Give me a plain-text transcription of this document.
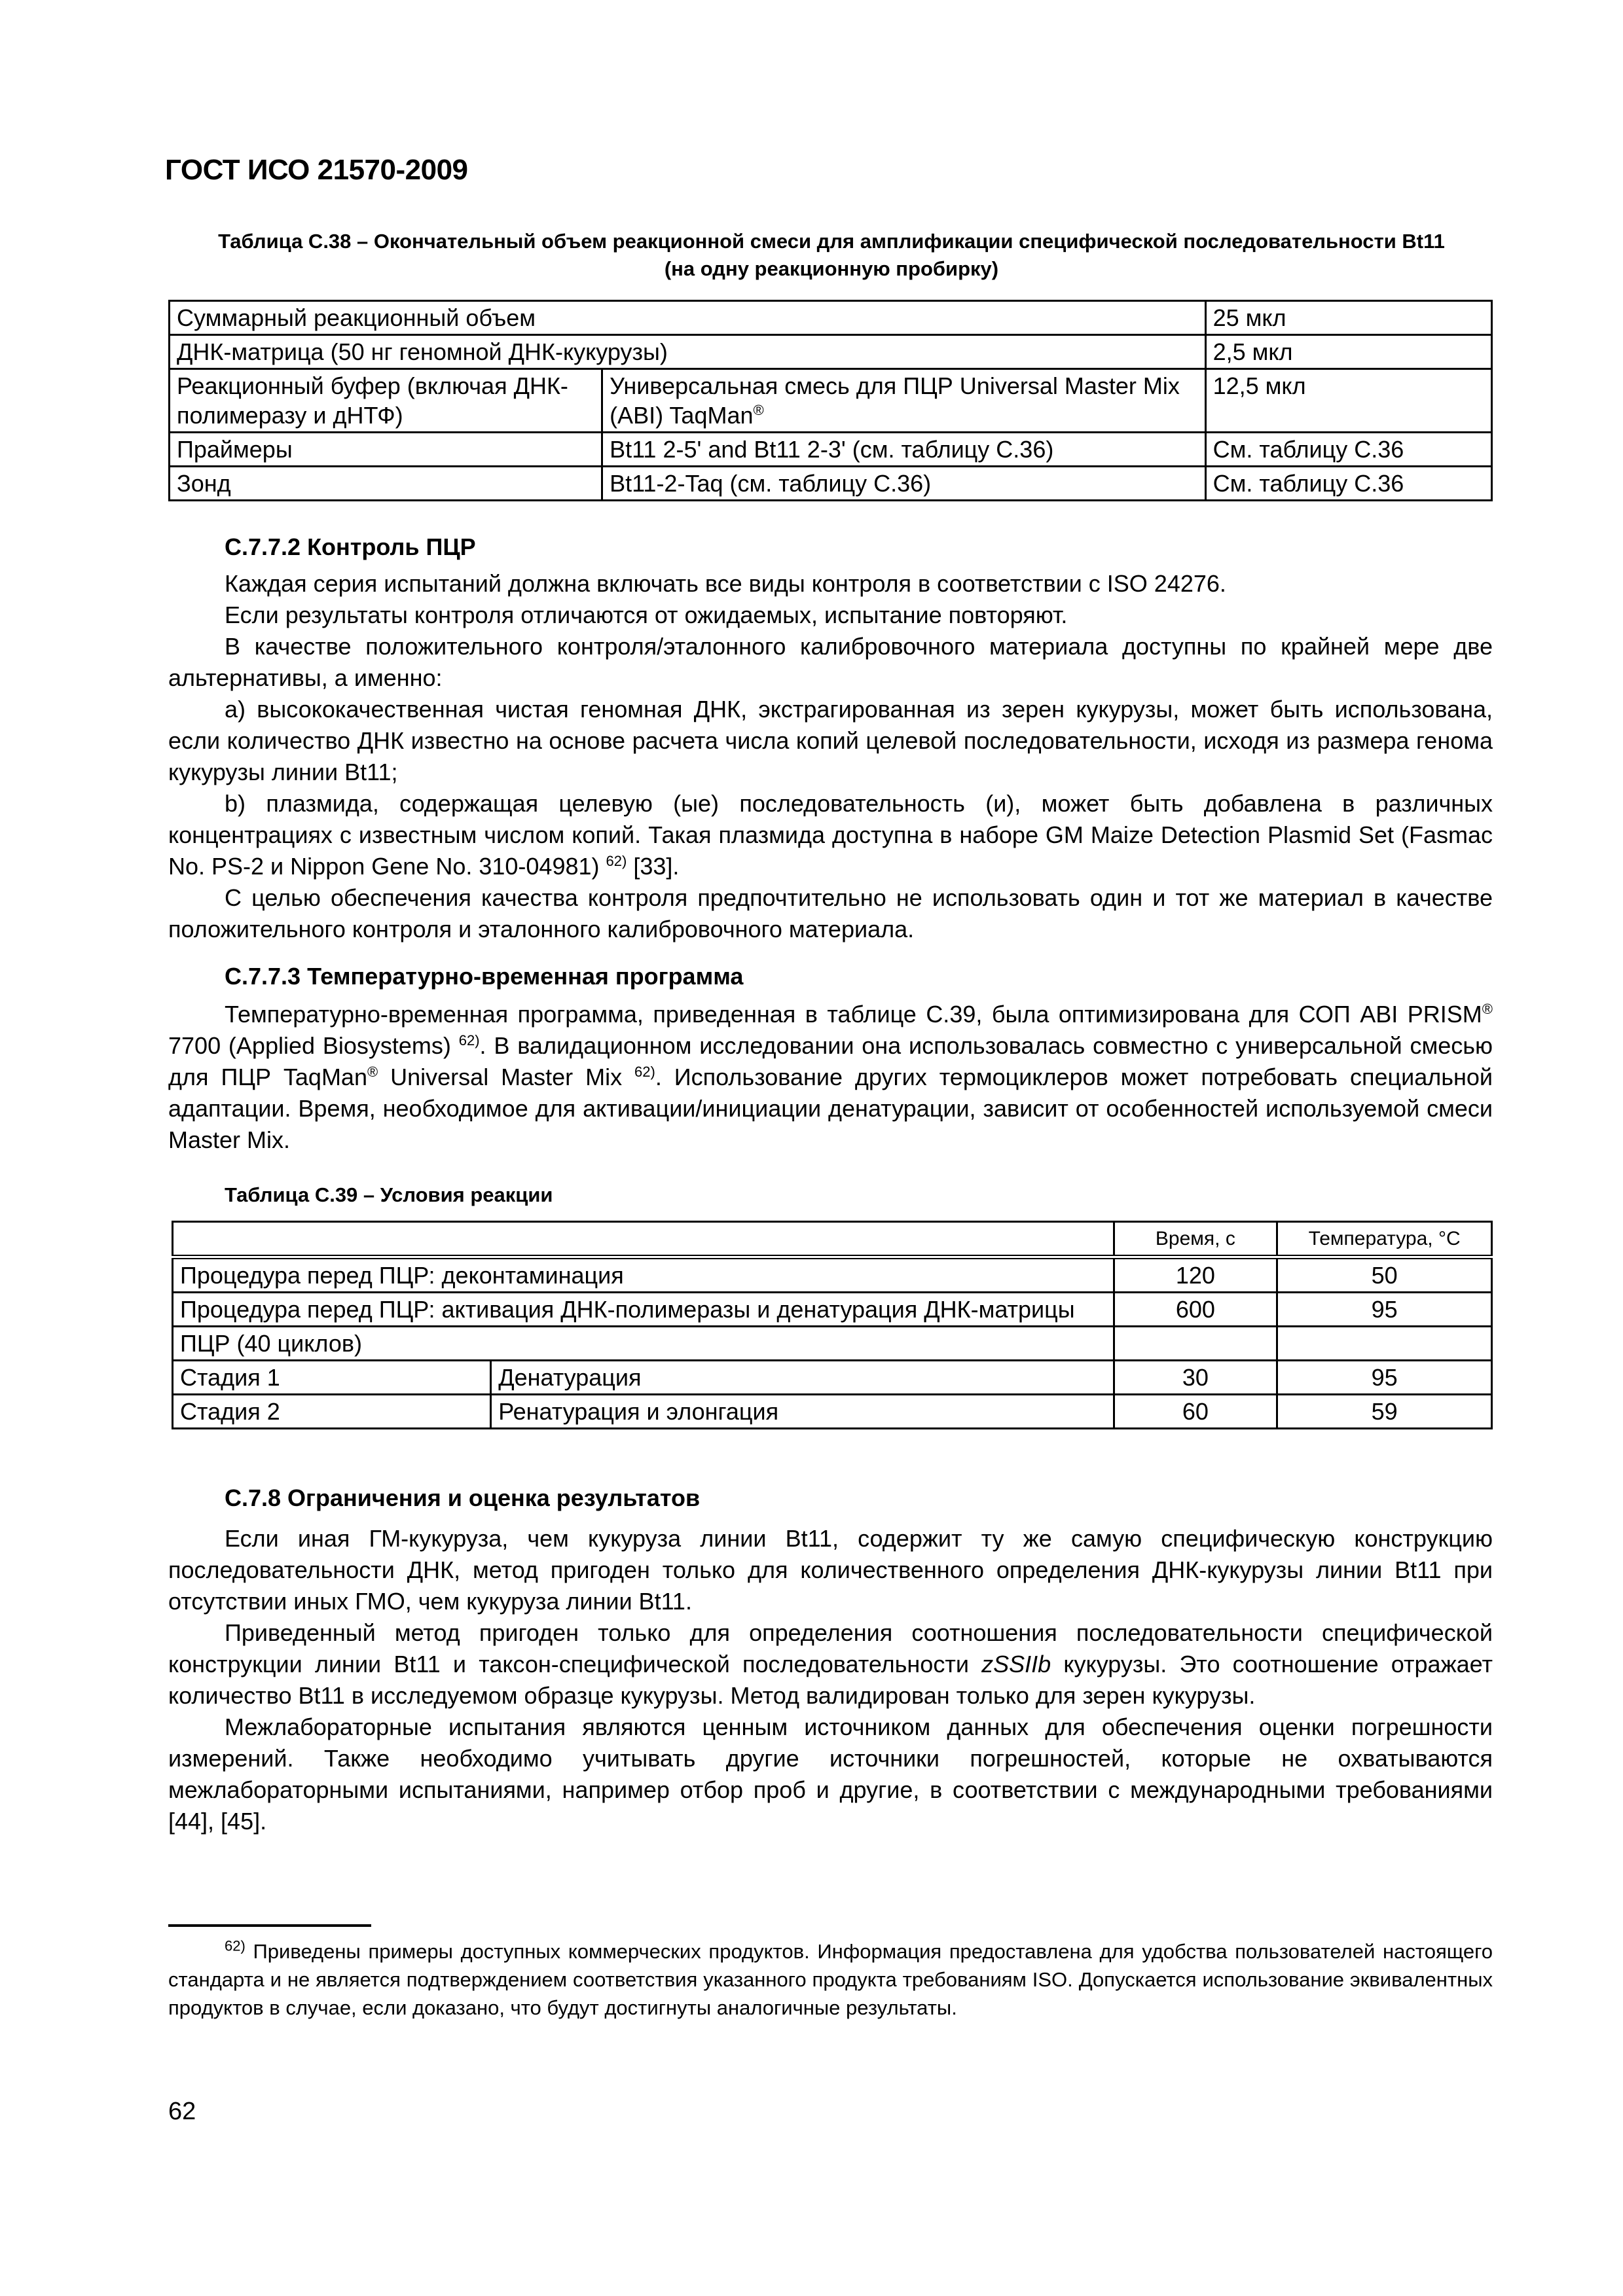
ГОСТ ИСО 21570-2009
Таблица С.38 – Окончательный объем реакционной смеси для амплификации специфической последовательности Bt11 (на одну реакционную пробирку)
Суммарный реакционный объем		25 мкл
ДНК-матрица (50 нг геномной ДНК-кукурузы)		2,5 мкл
Реакционный буфер (включая ДНК-полимеразу и дНТФ)	Универсальная смесь для ПЦР Universal Master Mix (ABI) TaqMan®	12,5 мкл
Праймеры	Bt11 2-5' and Bt11 2-3' (см. таблицу С.36)	См. таблицу С.36
Зонд	Bt11-2-Taq (см. таблицу С.36)	См. таблицу С.36

С.7.7.2 Контроль ПЦР

Каждая серия испытаний должна включать все виды контроля в соответствии с ISO 24276.

Если результаты контроля отличаются от ожидаемых, испытание повторяют.

В качестве положительного контроля/эталонного калибровочного материала доступны по крайней мере две альтернативы, а именно:

a) высококачественная чистая геномная ДНК, экстрагированная из зерен кукурузы, может быть использована, если количество ДНК известно на основе расчета числа копий целевой последовательности, исходя из размера генома кукурузы линии Bt11;

b) плазмида, содержащая целевую (ые) последовательность (и), может быть добавлена в различных концентрациях с известным числом копий. Такая плазмида доступна в наборе GM Maize Detection Plasmid Set (Fasmac No. PS-2 и Nippon Gene No. 310-04981) $^{62)}$ [33].

С целью обеспечения качества контроля предпочтительно не использовать один и тот же материал в качестве положительного контроля и эталонного калибровочного материала.

С.7.7.3 Температурно-временная программа

Температурно-временная программа, приведенная в таблице С.39, была оптимизирована для СОП ABI PRISM® 7700 (Applied Biosystems) $^{62)}$. В валидационном исследовании она использовалась совместно с универсальной смесью для ПЦР TaqMan® Universal Master Mix $^{62)}$. Использование других термоциклеров может потребовать специальной адаптации. Время, необходимое для активации/инициации денатурации, зависит от особенностей используемой смеси Master Mix.

Таблица С.39 – Условия реакции
		Время, с	Температура, °С
Процедура перед ПЦР: деконтаминация		120	50
Процедура перед ПЦР: активация ДНК-полимеразы и денатурация ДНК-матрицы		600	95
ПЦР (40 циклов)			
Стадия 1	Денатурация	30	95
Стадия 2	Ренатурация и элонгация	60	59

С.7.8 Ограничения и оценка результатов

Если иная ГМ-кукуруза, чем кукуруза линии Bt11, содержит ту же самую специфическую конструкцию последовательности ДНК, метод пригоден только для количественного определения ДНК-кукурузы линии Bt11 при отсутствии иных ГМО, чем кукуруза линии Bt11.

Приведенный метод пригоден только для определения соотношения последовательности специфической конструкции линии Bt11 и таксон-специфической последовательности zSSIIb кукурузы. Это соотношение отражает количество Bt11 в исследуемом образце кукурузы. Метод валидирован только для зерен кукурузы.

Межлабораторные испытания являются ценным источником данных для обеспечения оценки погрешности измерений. Также необходимо учитывать другие источники погрешностей, которые не охватываются межлабораторными испытаниями, например отбор проб и другие, в соответствии с международными требованиями [44], [45].

$^{62)}$ Приведены примеры доступных коммерческих продуктов. Информация предоставлена для удобства пользователей настоящего стандарта и не является подтверждением соответствия указанного продукта требованиям ISO. Допускается использование эквивалентных продуктов в случае, если доказано, что будут достигнуты аналогичные результаты.

62
